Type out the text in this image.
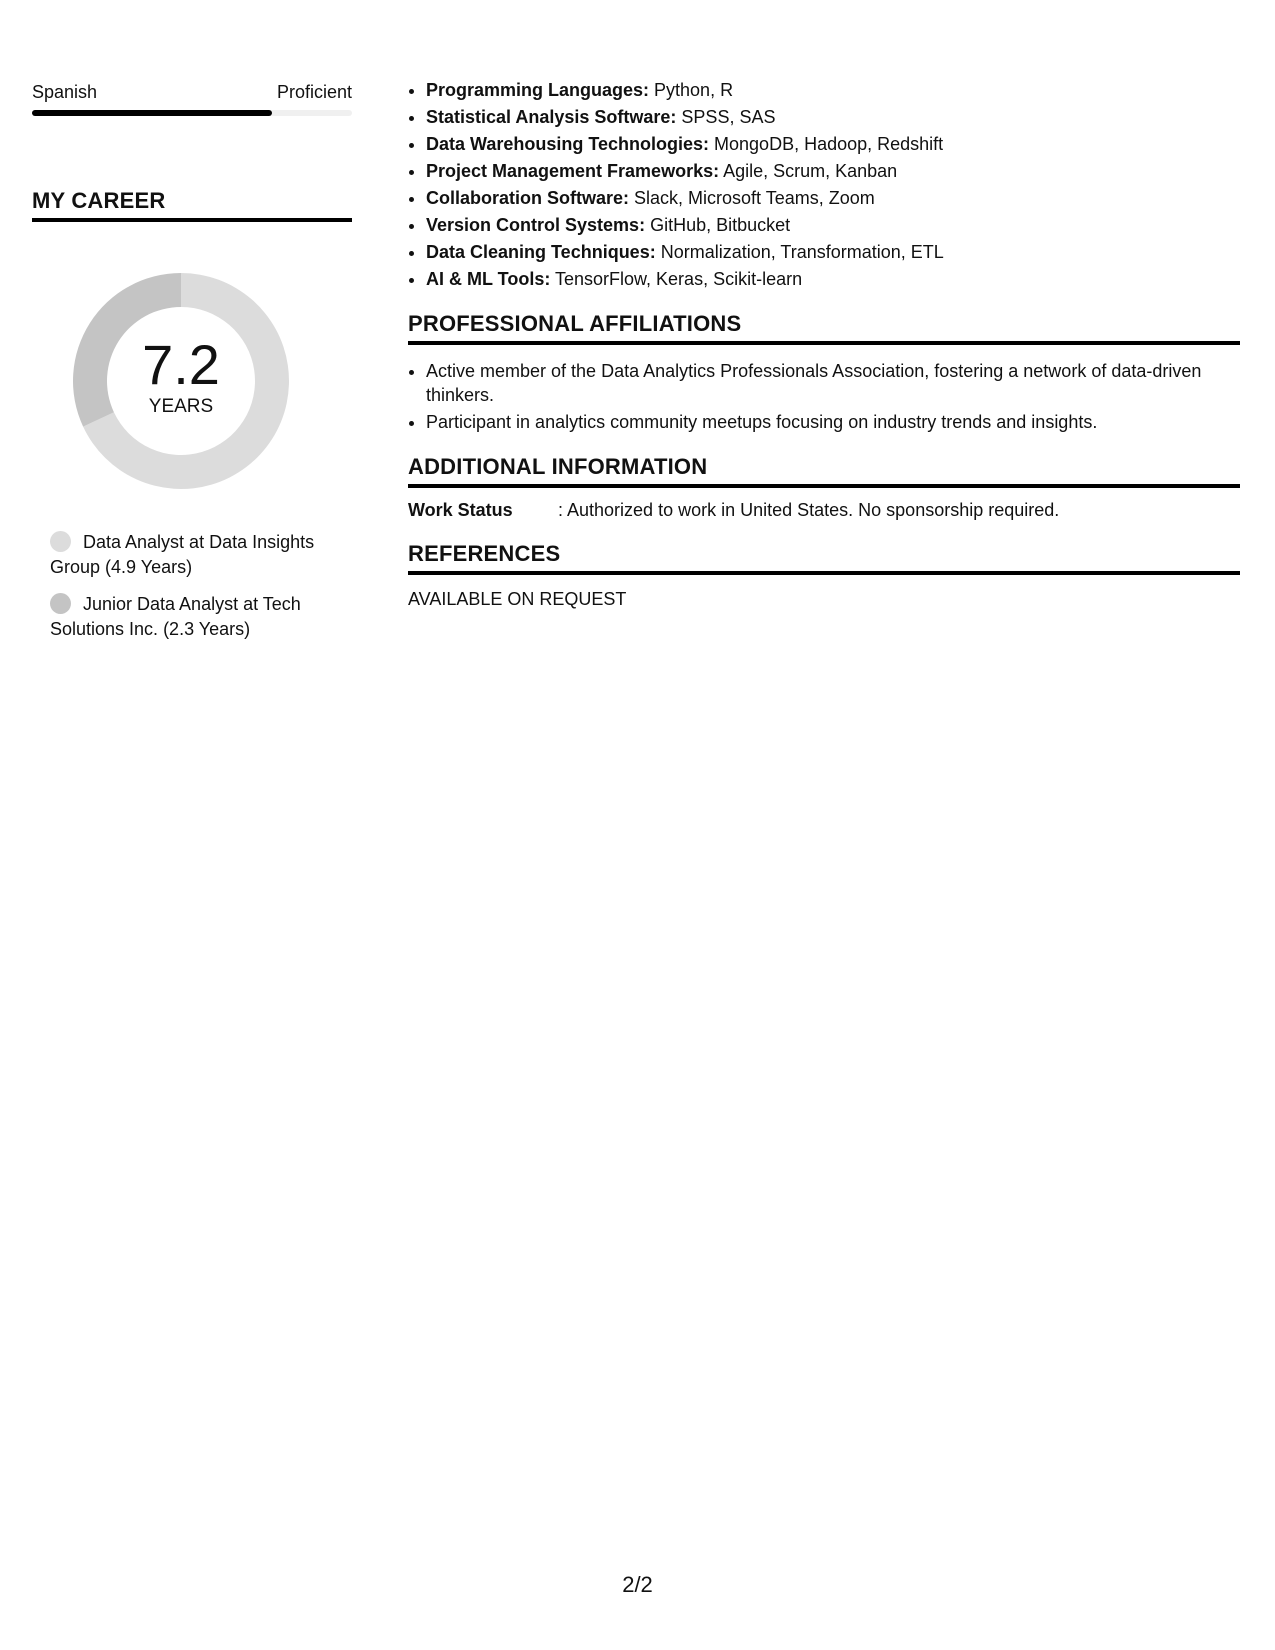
Spanish	Proficient
MY CAREER
7.2
YEARS
Data Analyst at Data Insights Group (4.9 Years)
Junior Data Analyst at Tech Solutions Inc. (2.3 Years)
• Programming Languages: Python, R
• Statistical Analysis Software: SPSS, SAS
• Data Warehousing Technologies: MongoDB, Hadoop, Redshift
• Project Management Frameworks: Agile, Scrum, Kanban
• Collaboration Software: Slack, Microsoft Teams, Zoom
• Version Control Systems: GitHub, Bitbucket
• Data Cleaning Techniques: Normalization, Transformation, ETL
• AI & ML Tools: TensorFlow, Keras, Scikit-learn
PROFESSIONAL AFFILIATIONS
• Active member of the Data Analytics Professionals Association, fostering a network of data-driven thinkers.
• Participant in analytics community meetups focusing on industry trends and insights.
ADDITIONAL INFORMATION
Work Status	: Authorized to work in United States. No sponsorship required.
REFERENCES
AVAILABLE ON REQUEST
2/2
